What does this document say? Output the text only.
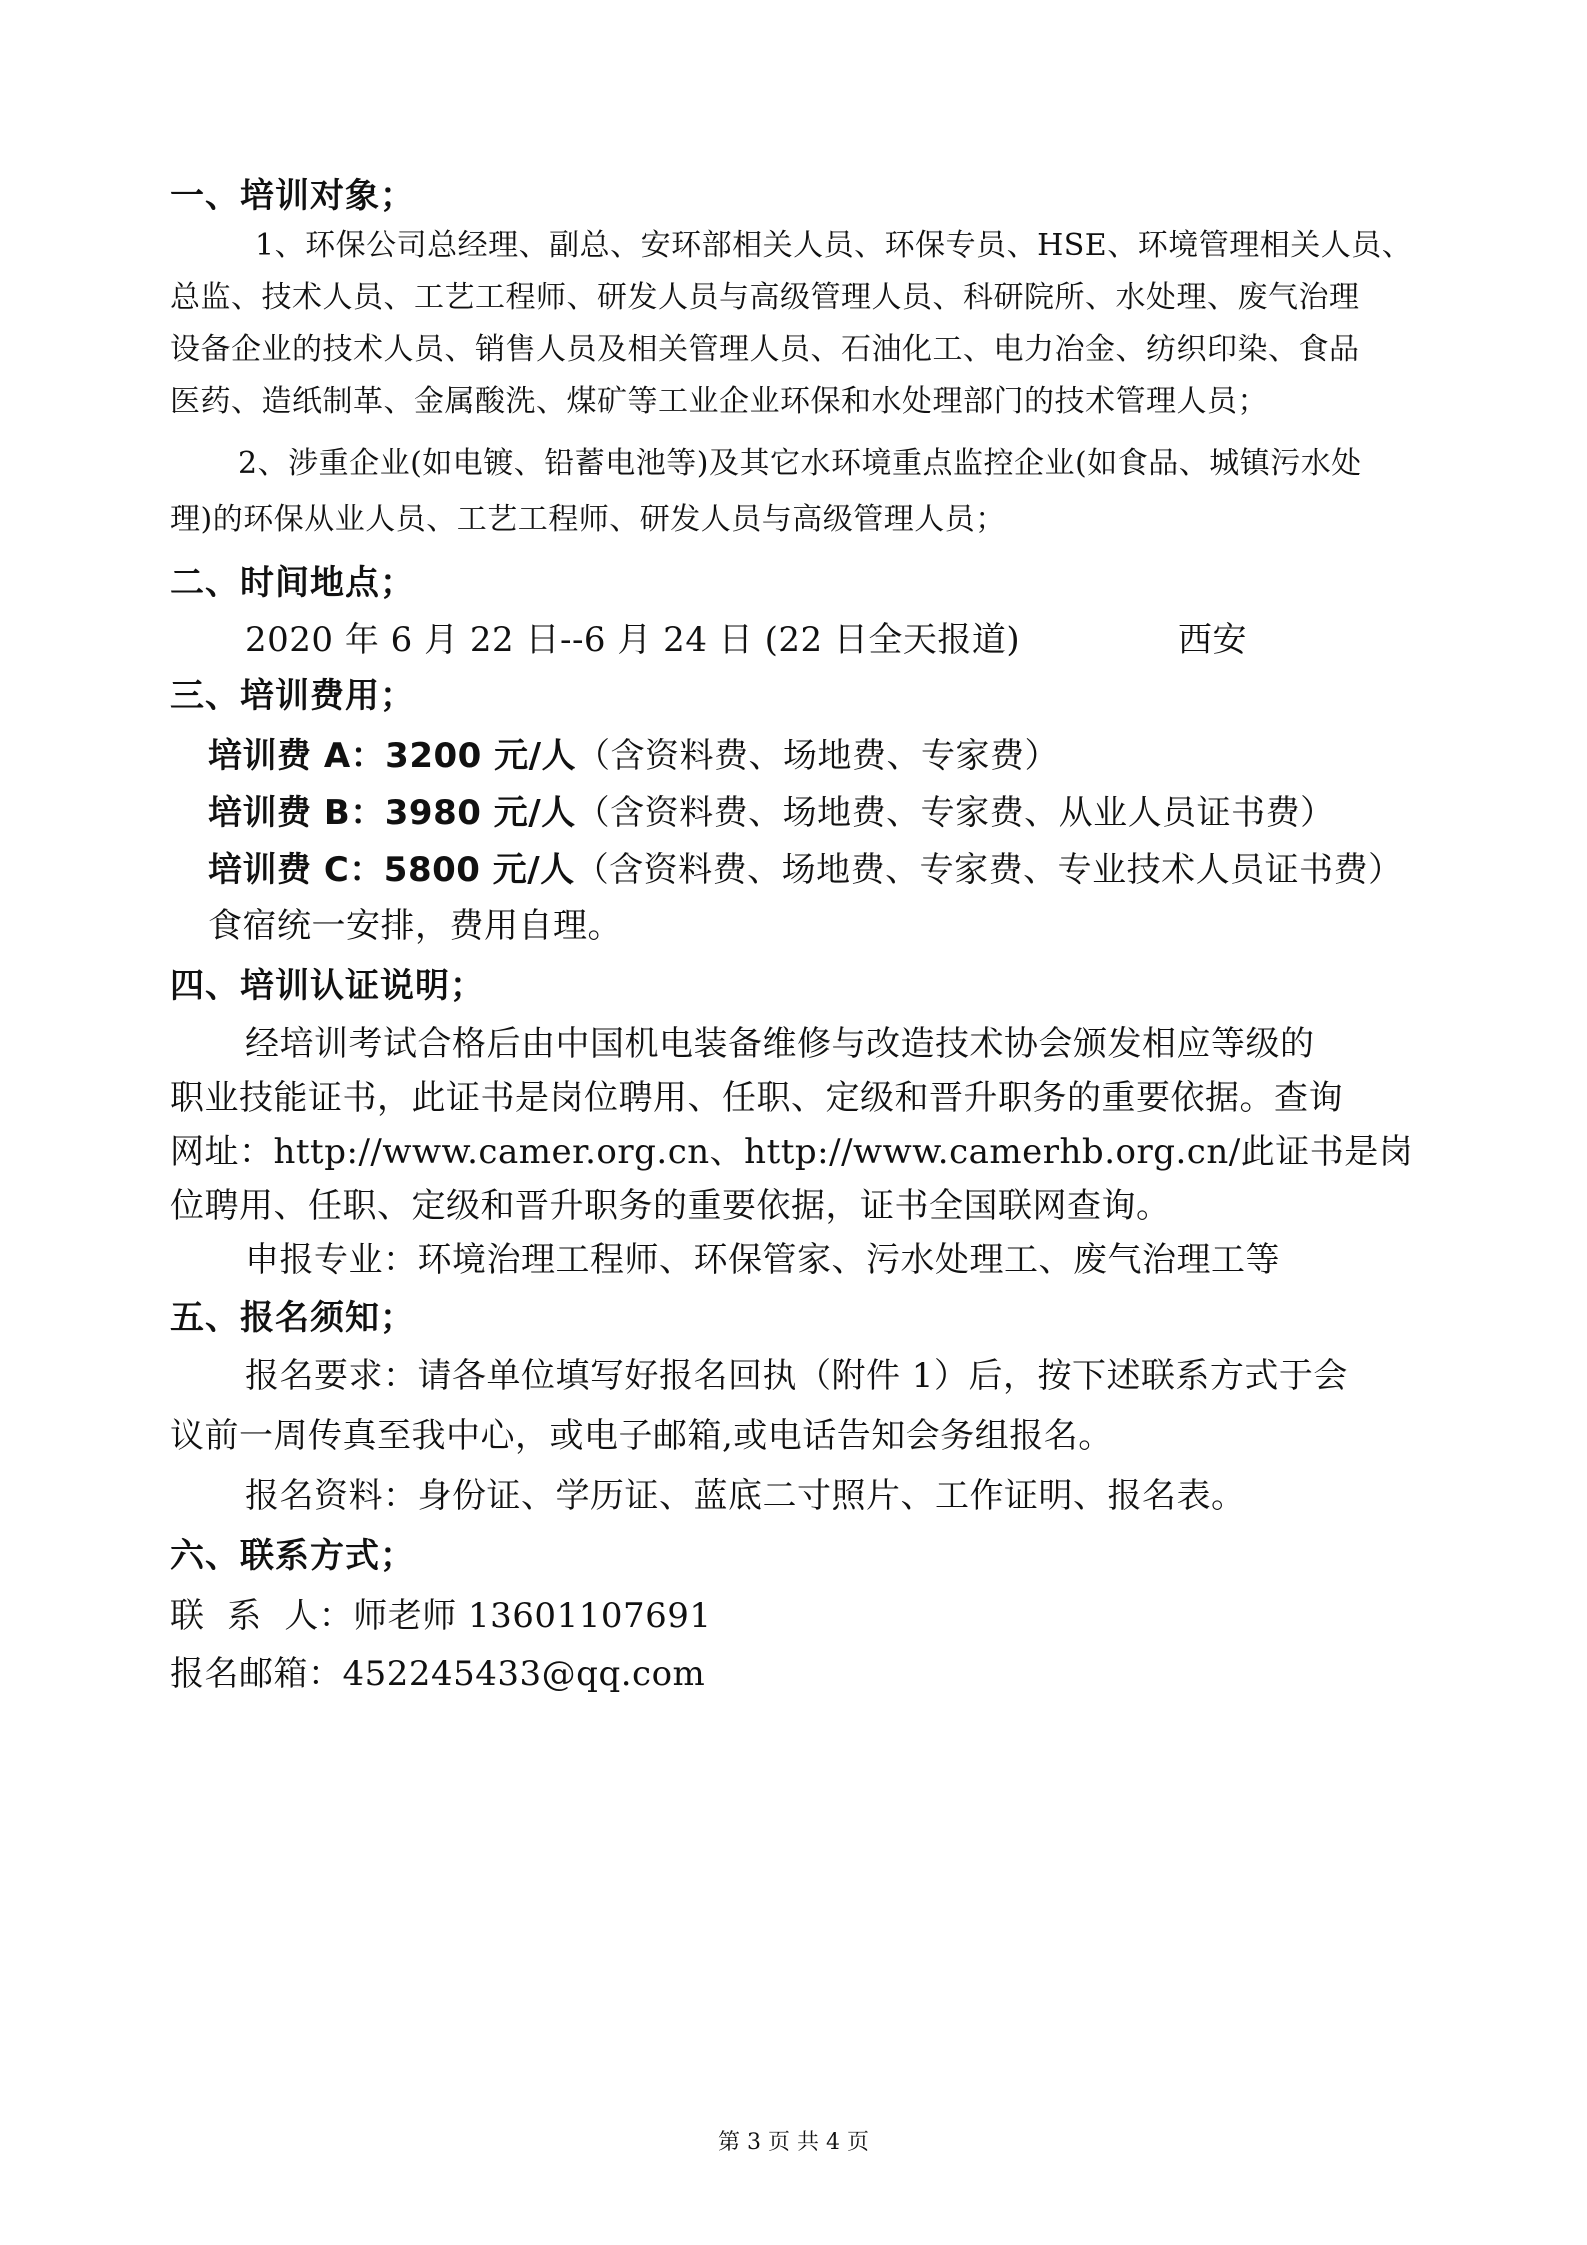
一、培训对象；
1、环保公司总经理、副总、安环部相关人员、环保专员、HSE、环境管理相关人员、
总监、技术人员、工艺工程师、研发人员与高级管理人员、科研院所、水处理、废气治理
设备企业的技术人员、销售人员及相关管理人员、石油化工、电力冶金、纺织印染、食品
医药、造纸制革、金属酸洗、煤矿等工业企业环保和水处理部门的技术管理人员；
2、涉重企业(如电镀、铅蓄电池等)及其它水环境重点监控企业(如食品、城镇污水处
理)的环保从业人员、工艺工程师、研发人员与高级管理人员；
二、时间地点；
2020 年 6 月 22 日--6 月 24 日 (22 日全天报道)	西安
三、培训费用；
培训费 A：3200 元/人（含资料费、场地费、专家费）
培训费 B：3980 元/人（含资料费、场地费、专家费、从业人员证书费）
培训费 C：5800 元/人（含资料费、场地费、专家费、专业技术人员证书费）
食宿统一安排，费用自理。
四、培训认证说明；
经培训考试合格后由中国机电装备维修与改造技术协会颁发相应等级的
职业技能证书，此证书是岗位聘用、任职、定级和晋升职务的重要依据。查询
网址：http://www.camer.org.cn、http://www.camerhb.org.cn/此证书是岗
位聘用、任职、定级和晋升职务的重要依据，证书全国联网查询。
申报专业：环境治理工程师、环保管家、污水处理工、废气治理工等
五、报名须知；
报名要求：请各单位填写好报名回执（附件 1）后，按下述联系方式于会
议前一周传真至我中心，或电子邮箱,或电话告知会务组报名。
报名资料：身份证、学历证、蓝底二寸照片、工作证明、报名表。
六、联系方式；
联  系  人：师老师 13601107691
报名邮箱：452245433@qq.com
第 3 页 共 4 页
